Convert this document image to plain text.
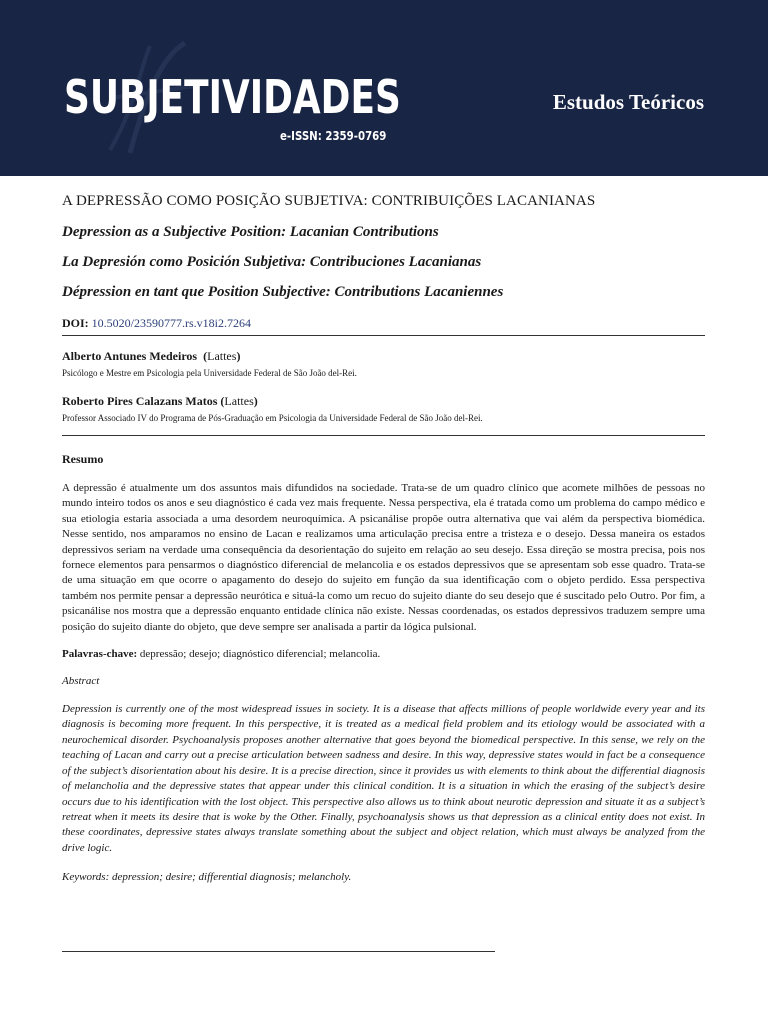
SUBJETIVIDADES
e-ISSN: 2359-0769
Estudos Teóricos

A DEPRESSÃO COMO POSIÇÃO SUBJETIVA: CONTRIBUIÇÕES LACANIANAS

Depression as a Subjective Position: Lacanian Contributions

La Depresión como Posición Subjetiva: Contribuciones Lacanianas

Dépression en tant que Position Subjective: Contributions Lacaniennes

DOI: 10.5020/23590777.rs.v18i2.7264

Alberto Antunes Medeiros  (Lattes)

Psicólogo e Mestre em Psicologia pela Universidade Federal de São João del-Rei.

Roberto Pires Calazans Matos (Lattes)

Professor Associado IV do Programa de Pós-Graduação em Psicologia da Universidade Federal de São João del-Rei.

Resumo

A depressão é atualmente um dos assuntos mais difundidos na sociedade. Trata-se de um quadro clínico que acomete milhões de pessoas no mundo inteiro todos os anos e seu diagnóstico é cada vez mais frequente. Nessa perspectiva, ela é tratada como um problema do campo médico e sua etiologia estaria associada a uma desordem neuroquímica. A psicanálise propõe outra alternativa que vai além da perspectiva biomédica. Nesse sentido, nos amparamos no ensino de Lacan e realizamos uma articulação precisa entre a tristeza e o desejo. Dessa maneira os estados depressivos seriam na verdade uma consequência da desorientação do sujeito em relação ao seu desejo. Essa direção se mostra precisa, pois nos fornece elementos para pensarmos o diagnóstico diferencial de melancolia e os estados depressivos que se apresentam sob esse quadro. Trata-se de uma situação em que ocorre o apagamento do desejo do sujeito em função da sua identificação com o objeto perdido. Essa perspectiva também nos permite pensar a depressão neurótica e situá-la como um recuo do sujeito diante do seu desejo que é suscitado pelo Outro. Por fim, a psicanálise nos mostra que a depressão enquanto entidade clínica não existe. Nessas coordenadas, os estados depressivos traduzem sempre uma posição do sujeito diante do objeto, que deve sempre ser analisada a partir da lógica pulsional.

Palavras-chave: depressão; desejo; diagnóstico diferencial; melancolia.

Abstract

Depression is currently one of the most widespread issues in society. It is a disease that affects millions of people worldwide every year and its diagnosis is becoming more frequent. In this perspective, it is treated as a medical field problem and its etiology would be associated with a neurochemical disorder. Psychoanalysis proposes another alternative that goes beyond the biomedical perspective. In this sense, we rely on the teaching of Lacan and carry out a precise articulation between sadness and desire. In this way, depressive states would in fact be a consequence of the subject’s disorientation about his desire. It is a precise direction, since it provides us with elements to think about the differential diagnosis of melancholia and the depressive states that appear under this clinical condition. It is a situation in which the erasing of the subject’s desire occurs due to his identification with the lost object. This perspective also allows us to think about neurotic depression and situate it as a subject’s retreat when it meets its desire that is woke by the Other. Finally, psychoanalysis shows us that depression as a clinical entity does not exist. In these coordinates, depressive states always translate something about the subject and object relation, which must always be analyzed from the drive logic.

Keywords: depression; desire; differential diagnosis; melancholy.
